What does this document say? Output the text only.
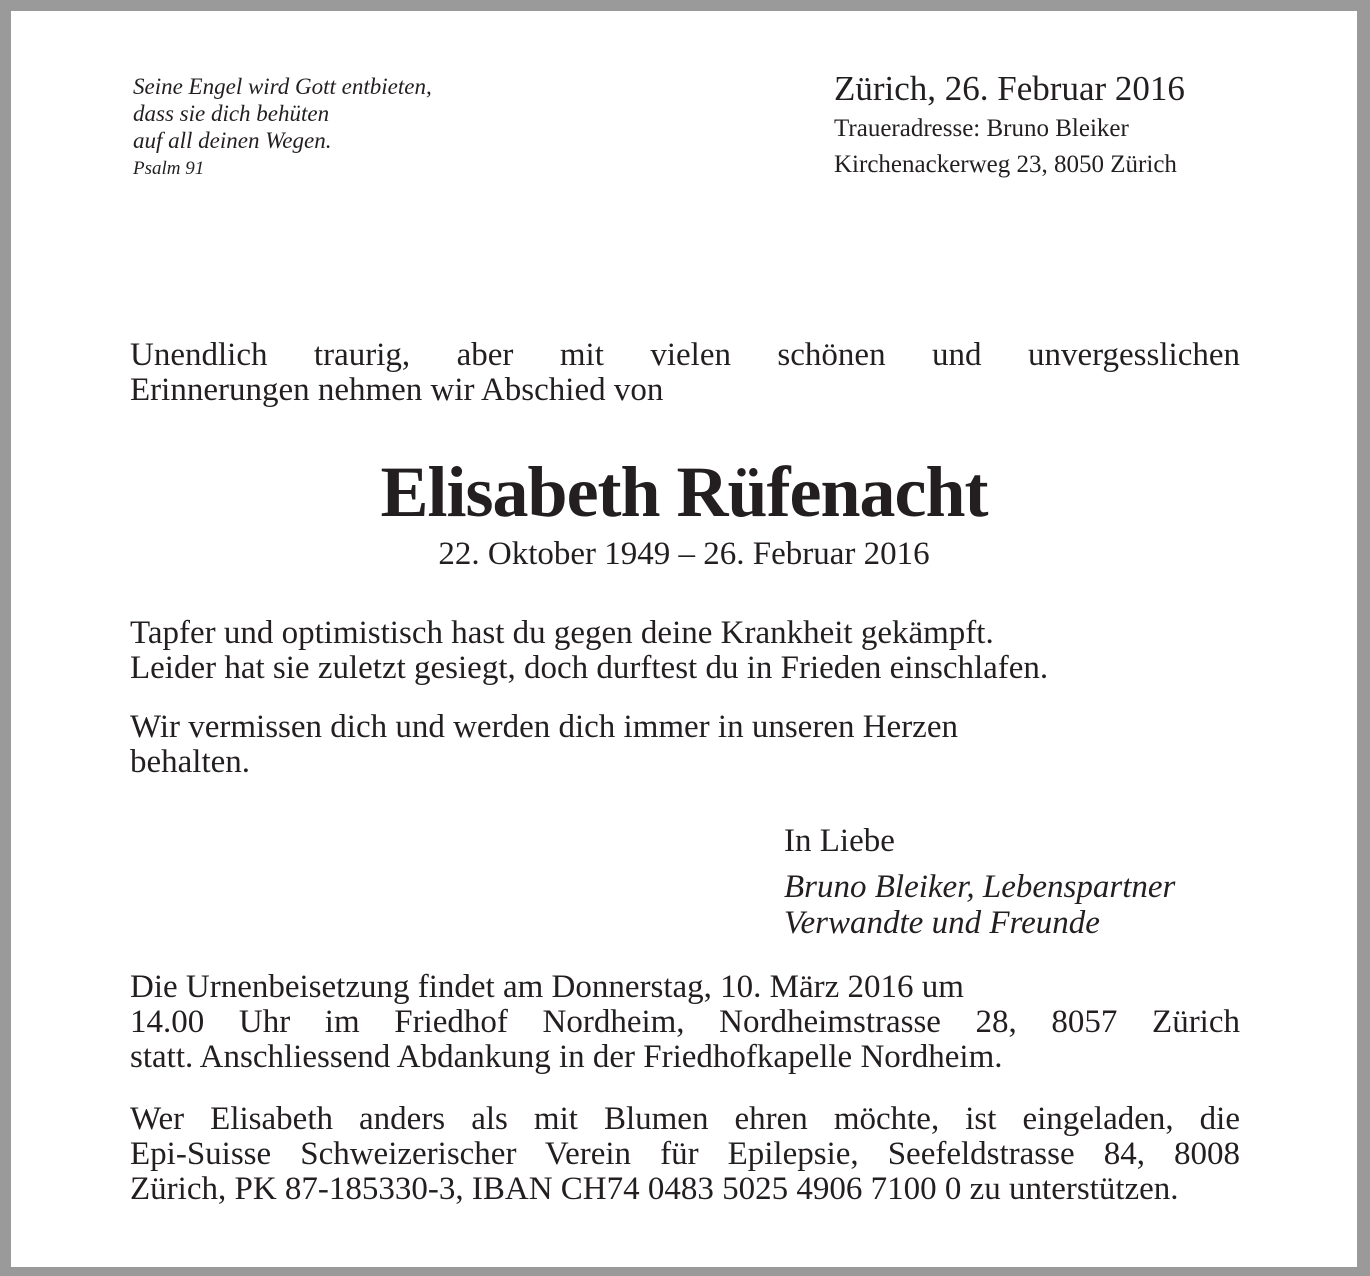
Seine Engel wird Gott entbieten,
dass sie dich behüten
auf all deinen Wegen.
Psalm 91
Zürich, 26. Februar 2016
Traueradresse: Bruno Bleiker
Kirchenackerweg 23, 8050 Zürich
Unendlich traurig, aber mit vielen schönen und unvergesslichen
Erinnerungen nehmen wir Abschied von
Elisabeth Rüfenacht
22. Oktober 1949 – 26. Februar 2016
Tapfer und optimistisch hast du gegen deine Krankheit gekämpft.
Leider hat sie zuletzt gesiegt, doch durftest du in Frieden einschlafen.
Wir vermissen dich und werden dich immer in unseren Herzen
behalten.
In Liebe
Bruno Bleiker, Lebenspartner
Verwandte und Freunde
Die Urnenbeisetzung findet am Donnerstag, 10. März 2016 um
14.00 Uhr im Friedhof Nordheim, Nordheimstrasse 28, 8057 Zürich
statt. Anschliessend Abdankung in der Friedhofkapelle Nordheim.
Wer Elisabeth anders als mit Blumen ehren möchte, ist eingeladen, die
Epi-Suisse Schweizerischer Verein für Epilepsie, Seefeldstrasse 84, 8008
Zürich, PK 87-185330-3, IBAN CH74 0483 5025 4906 7100 0 zu unterstützen.
